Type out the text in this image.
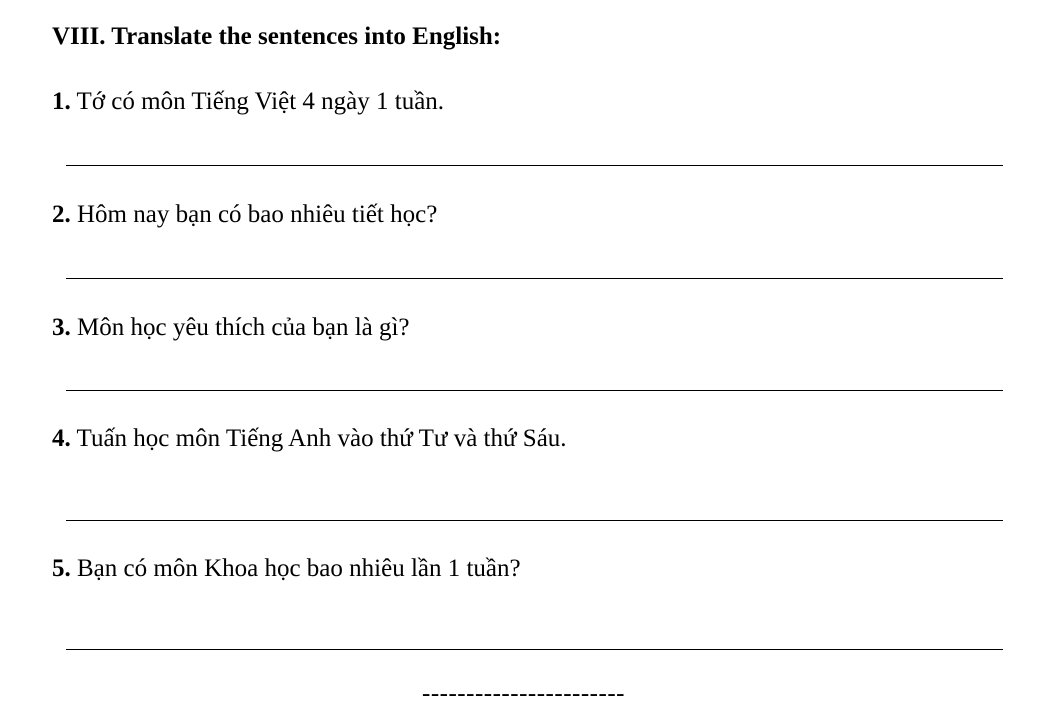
VIII. Translate the sentences into English:
1. Tớ có môn Tiếng Việt 4 ngày 1 tuần.
2. Hôm nay bạn có bao nhiêu tiết học?
3. Môn học yêu thích của bạn là gì?
4. Tuấn học môn Tiếng Anh vào thứ Tư và thứ Sáu.
5. Bạn có môn Khoa học bao nhiêu lần 1 tuần?
-----------------------
